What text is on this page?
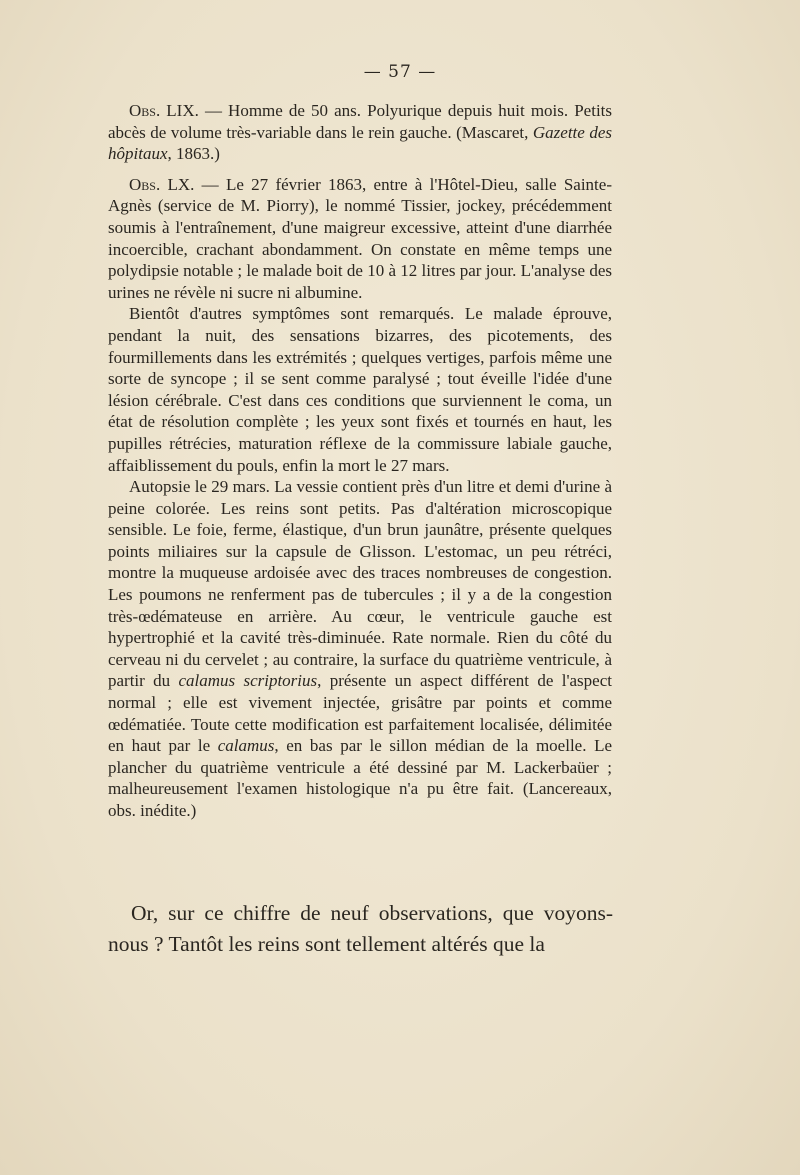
— 57 —

Obs. LIX. — Homme de 50 ans. Polyurique depuis huit mois. Petits abcès de volume très-variable dans le rein gauche. (Mascaret, Gazette des hôpitaux, 1863.)

Obs. LX. — Le 27 février 1863, entre à l'Hôtel-Dieu, salle Sainte-Agnès (service de M. Piorry), le nommé Tissier, jockey, précédemment soumis à l'entraînement, d'une maigreur excessive, atteint d'une diarrhée incoercible, crachant abondamment. On constate en même temps une polydipsie notable ; le malade boit de 10 à 12 litres par jour. L'analyse des urines ne révèle ni sucre ni albumine.

Bientôt d'autres symptômes sont remarqués. Le malade éprouve, pendant la nuit, des sensations bizarres, des picotements, des fourmillements dans les extrémités ; quelques vertiges, parfois même une sorte de syncope ; il se sent comme paralysé ; tout éveille l'idée d'une lésion cérébrale. C'est dans ces conditions que surviennent le coma, un état de résolution complète ; les yeux sont fixés et tournés en haut, les pupilles rétrécies, maturation réflexe de la commissure labiale gauche, affaiblissement du pouls, enfin la mort le 27 mars.

Autopsie le 29 mars. La vessie contient près d'un litre et demi d'urine à peine colorée. Les reins sont petits. Pas d'altération microscopique sensible. Le foie, ferme, élastique, d'un brun jaunâtre, présente quelques points miliaires sur la capsule de Glisson. L'estomac, un peu rétréci, montre la muqueuse ardoisée avec des traces nombreuses de congestion. Les poumons ne renferment pas de tubercules ; il y a de la congestion très-œdémateuse en arrière. Au cœur, le ventricule gauche est hypertrophié et la cavité très-diminuée. Rate normale. Rien du côté du cerveau ni du cervelet ; au contraire, la surface du quatrième ventricule, à partir du calamus scriptorius, présente un aspect différent de l'aspect normal ; elle est vivement injectée, grisâtre par points et comme œdématiée. Toute cette modification est parfaitement localisée, délimitée en haut par le calamus, en bas par le sillon médian de la moelle. Le plancher du quatrième ventricule a été dessiné par M. Lackerbaüer ; malheureusement l'examen histologique n'a pu être fait. (Lancereaux, obs. inédite.)

Or, sur ce chiffre de neuf observations, que voyons-nous ? Tantôt les reins sont tellement altérés que la
